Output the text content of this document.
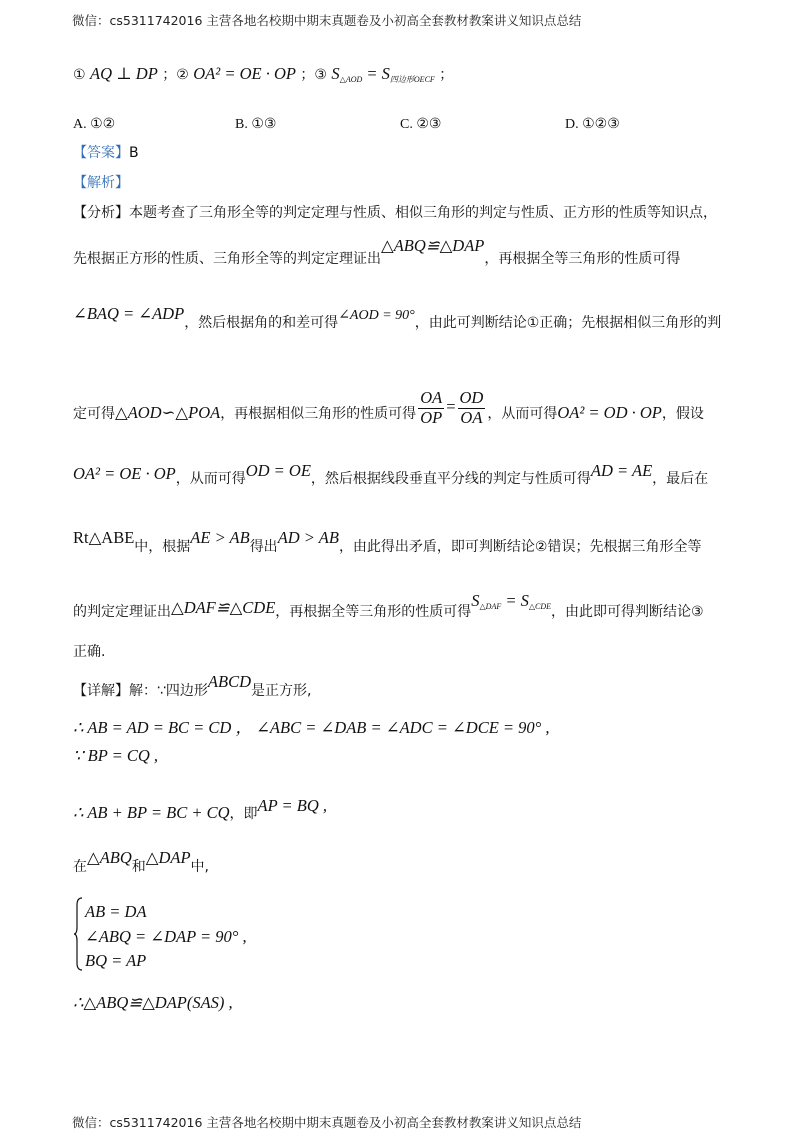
微信：cs5311742016 主营各地名校期中期末真题卷及小初高全套教材教案讲义知识点总结
① AQ ⊥ DP ；② OA² = OE · OP ；③ $S_{\triangle AOD} = S_{四边形OECF}$ ；
A. ①②	B. ①③	C. ②③	D. ①②③
【答案】B
【解析】
【分析】本题考查了三角形全等的判定定理与性质、相似三角形的判定与性质、正方形的性质等知识点，
先根据正方形的性质、三角形全等的判定定理证出△ABQ≌△DAP，再根据全等三角形的性质可得
∠BAQ = ∠ADP，然后根据角的和差可得∠AOD = 90°，由此可判断结论①正确；先根据相似三角形的判
定可得△AOD∽△POA，再根据相似三角形的性质可得 $\frac{OA}{OP} = \frac{OD}{OA}$ ，从而可得OA² = OD · OP，假设
OA² = OE · OP，从而可得OD = OE，然后根据线段垂直平分线的判定与性质可得AD = AE，最后在
Rt△ABE中，根据AE > AB得出AD > AB，由此得出矛盾，即可判断结论②错误；先根据三角形全等
的判定定理证出△DAF≌△CDE，再根据全等三角形的性质可得$S_{\triangle DAF} = S_{\triangle CDE}$，由此即可得判断结论③
正确.
【详解】解：∵四边形ABCD是正方形,
∴ AB = AD = BC = CD ， ∠ABC = ∠DAB = ∠ADC = ∠DCE = 90° ,
∵ BP = CQ ,
∴ AB + BP = BC + CQ，即AP = BQ ,
在△ABQ和△DAP中,
AB = DA
∠ABQ = ∠DAP = 90° ,
BQ = AP
∴△ABQ≌△DAP(SAS) ,
微信：cs5311742016 主营各地名校期中期末真题卷及小初高全套教材教案讲义知识点总结
